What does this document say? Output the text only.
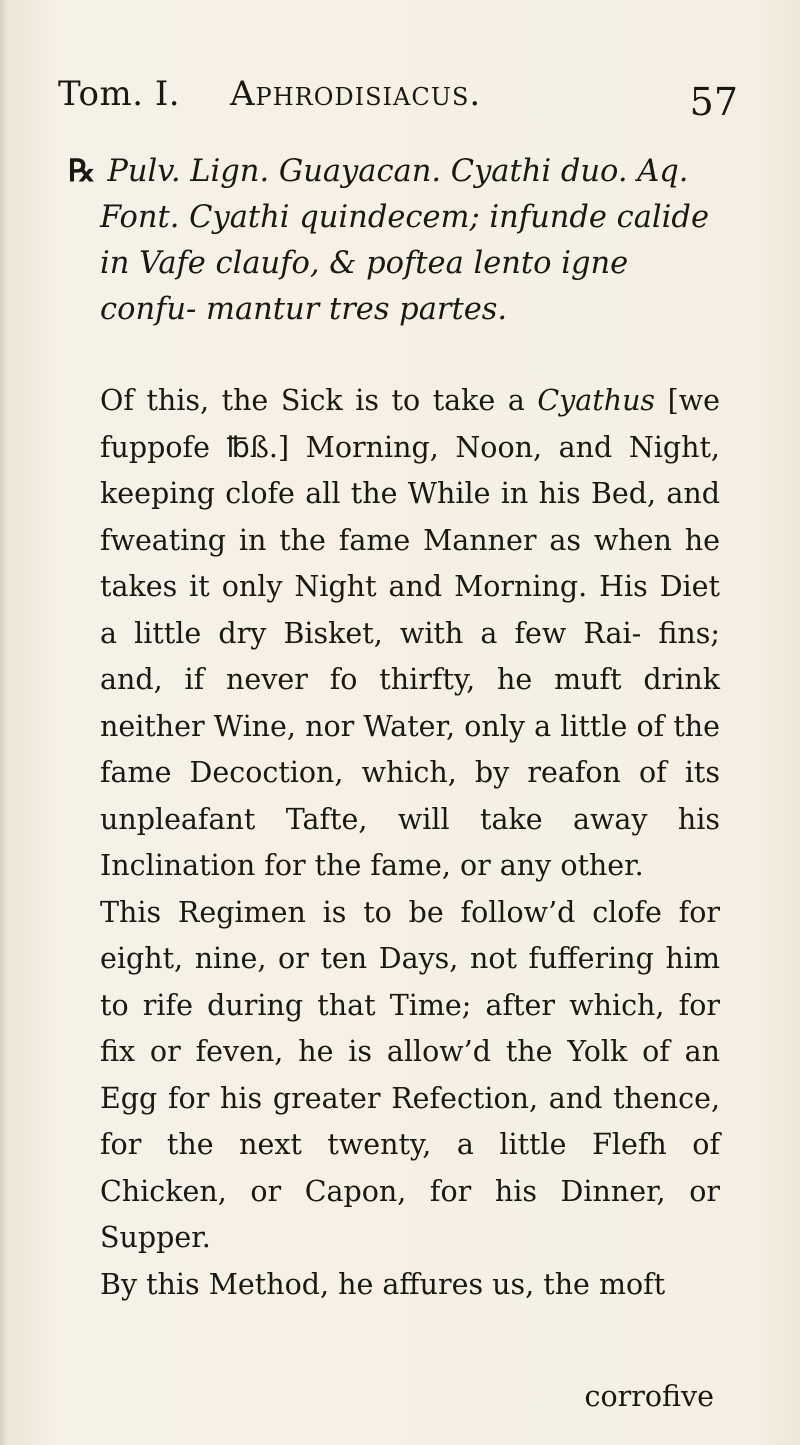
Tom. I. Aphrodisiacus.	57
℞ Pulv. Lign. Guayacan. Cyathi duo. Aq. Font. Cyathi quindecem; infunde calide in Vafe claufo, & poftea lento igne confu- mantur tres partes.

Of this, the Sick is to take a Cyathus [we fuppofe ℔ß.] Morning, Noon, and Night, keeping clofe all the While in his Bed, and fweating in the fame Manner as when he takes it only Night and Morning. His Diet a little dry Bisket, with a few Rai- fins; and, if never fo thirfty, he muft drink neither Wine, nor Water, only a little of the fame Decoction, which, by reafon of its unpleafant Tafte, will take away his Inclination for the fame, or any other.

This Regimen is to be follow’d clofe for eight, nine, or ten Days, not fuffering him to rife during that Time; after which, for fix or feven, he is allow’d the Yolk of an Egg for his greater Refection, and thence, for the next twenty, a little Flefh of Chicken, or Capon, for his Dinner, or Supper.

By this Method, he affures us, the moft

corrofive
